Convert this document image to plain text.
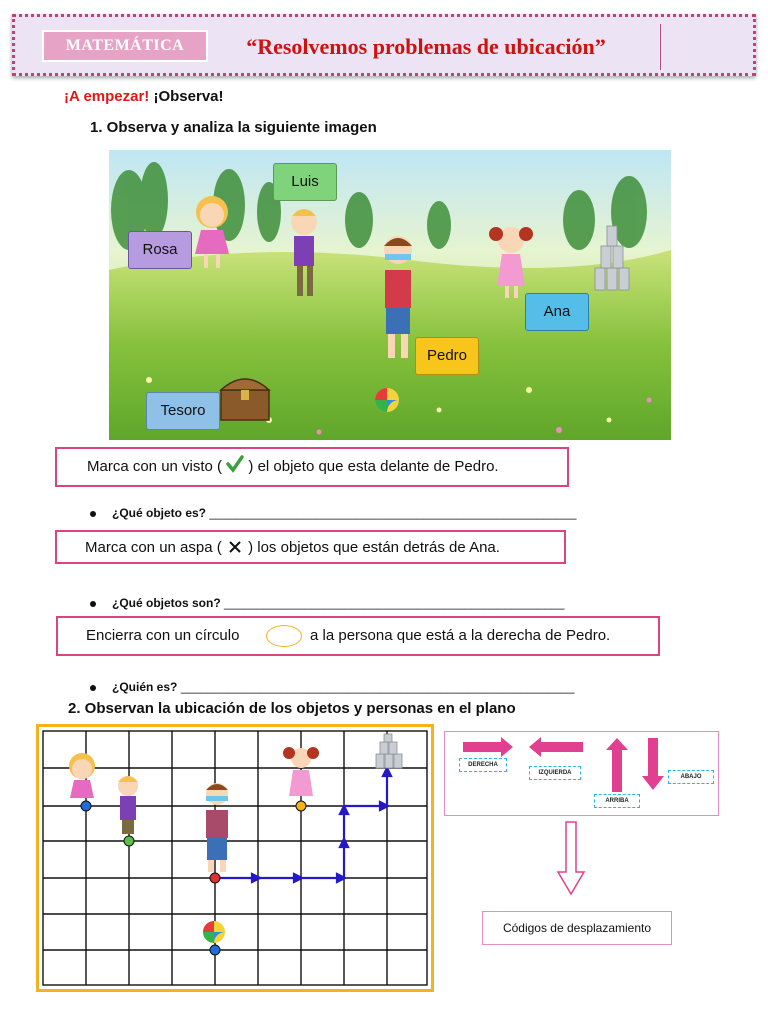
MATEMÁTICA	“Resolvemos problemas de ubicación”
¡A empezar! ¡Observa!
1. Observa y analiza la siguiente imagen
Luis
Rosa
Ana
Pedro
Tesoro
Marca con un visto ( ) el objeto que esta delante de Pedro.
¿Qué objeto es? _______________________________________________________
Marca con un aspa ( ) los objetos que están detrás de Ana.
¿Qué objetos son? ___________________________________________________
Encierra con un círculo	a la persona que está a la derecha de Pedro.
¿Quién es? ___________________________________________________________
2. Observan la ubicación de los objetos y personas en el plano
DERECHA
IZQUIERDA
ARRIBA
ABAJO
Códigos de desplazamiento
